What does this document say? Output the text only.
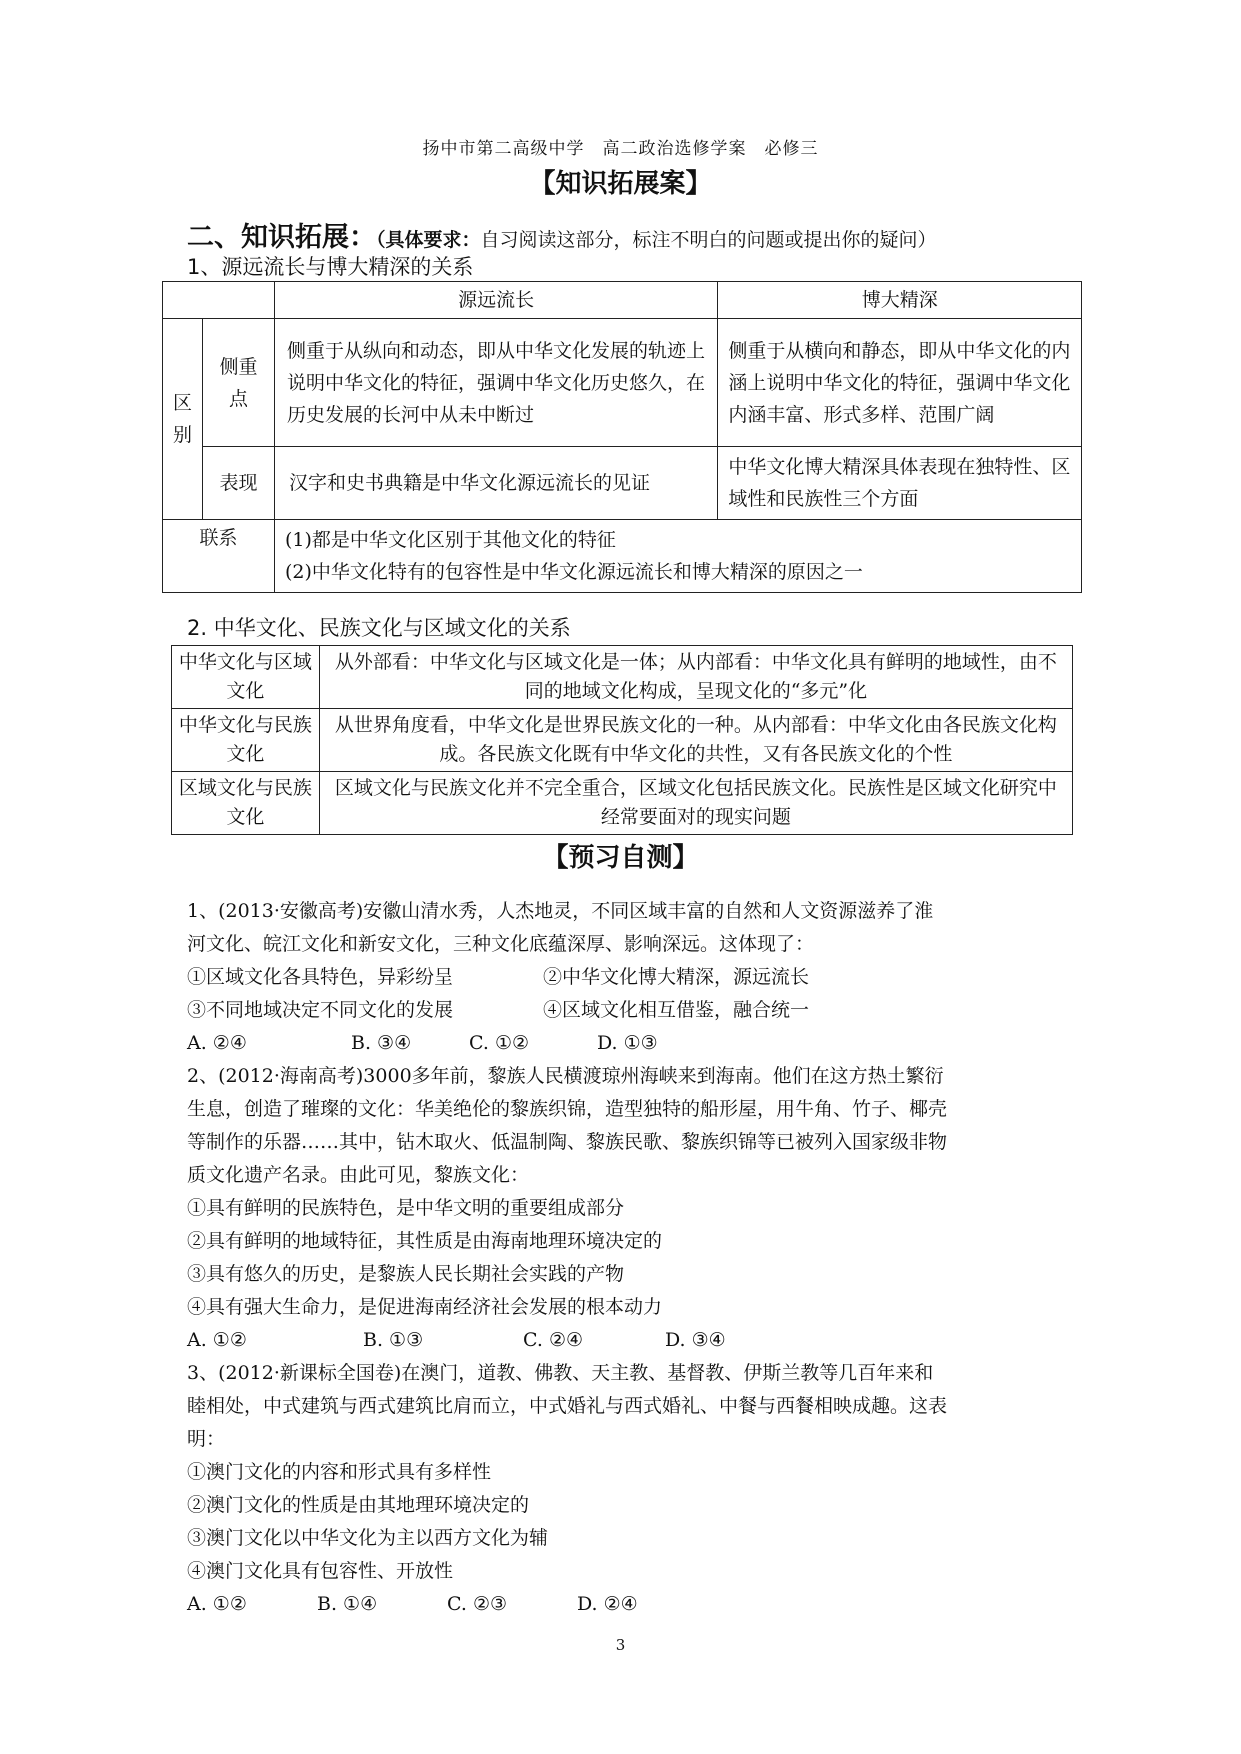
扬中市第二高级中学　高二政治选修学案　必修三
【知识拓展案】
二、知识拓展：（具体要求：自习阅读这部分，标注不明白的问题或提出你的疑问）
1、源远流长与博大精深的关系
		源远流长	博大精深
区别	侧重点	侧重于从纵向和动态，即从中华文化发展的轨迹上说明中华文化的特征，强调中华文化历史悠久，在历史发展的长河中从未中断过	侧重于从横向和静态，即从中华文化的内涵上说明中华文化的特征，强调中华文化内涵丰富、形式多样、范围广阔
	表现	汉字和史书典籍是中华文化源远流长的见证	中华文化博大精深具体表现在独特性、区域性和民族性三个方面
联系		(1)都是中华文化区别于其他文化的特征
(2)中华文化特有的包容性是中华文化源远流长和博大精深的原因之一	
2. 中华文化、民族文化与区域文化的关系
中华文化与区域文化	从外部看：中华文化与区域文化是一体；从内部看：中华文化具有鲜明的地域性，由不同的地域文化构成，呈现文化的“多元”化
中华文化与民族文化	从世界角度看，中华文化是世界民族文化的一种。从内部看：中华文化由各民族文化构成。各民族文化既有中华文化的共性，又有各民族文化的个性
区域文化与民族文化	区域文化与民族文化并不完全重合，区域文化包括民族文化。民族性是区域文化研究中经常要面对的现实问题
【预习自测】

1、(2013·安徽高考)安徽山清水秀，人杰地灵，不同区域丰富的自然和人文资源滋养了淮

河文化、皖江文化和新安文化，三种文化底蕴深厚、影响深远。这体现了：

①区域文化各具特色，异彩纷呈	②中华文化博大精深，源远流长

③不同地域决定不同文化的发展	④区域文化相互借鉴，融合统一

A. ②④	B. ③④	C. ①②	D. ①③

2、(2012·海南高考)3000多年前，黎族人民横渡琼州海峡来到海南。他们在这方热土繁衍

生息，创造了璀璨的文化：华美绝伦的黎族织锦，造型独特的船形屋，用牛角、竹子、椰壳

等制作的乐器……其中，钻木取火、低温制陶、黎族民歌、黎族织锦等已被列入国家级非物

质文化遗产名录。由此可见，黎族文化：

①具有鲜明的民族特色，是中华文明的重要组成部分

②具有鲜明的地域特征，其性质是由海南地理环境决定的

③具有悠久的历史，是黎族人民长期社会实践的产物

④具有强大生命力，是促进海南经济社会发展的根本动力

A. ①②	B. ①③	C. ②④	D. ③④

3、(2012·新课标全国卷)在澳门，道教、佛教、天主教、基督教、伊斯兰教等几百年来和

睦相处，中式建筑与西式建筑比肩而立，中式婚礼与西式婚礼、中餐与西餐相映成趣。这表

明：

①澳门文化的内容和形式具有多样性

②澳门文化的性质是由其地理环境决定的

③澳门文化以中华文化为主以西方文化为辅

④澳门文化具有包容性、开放性

A. ①②	B. ①④	C. ②③	D. ②④

3
